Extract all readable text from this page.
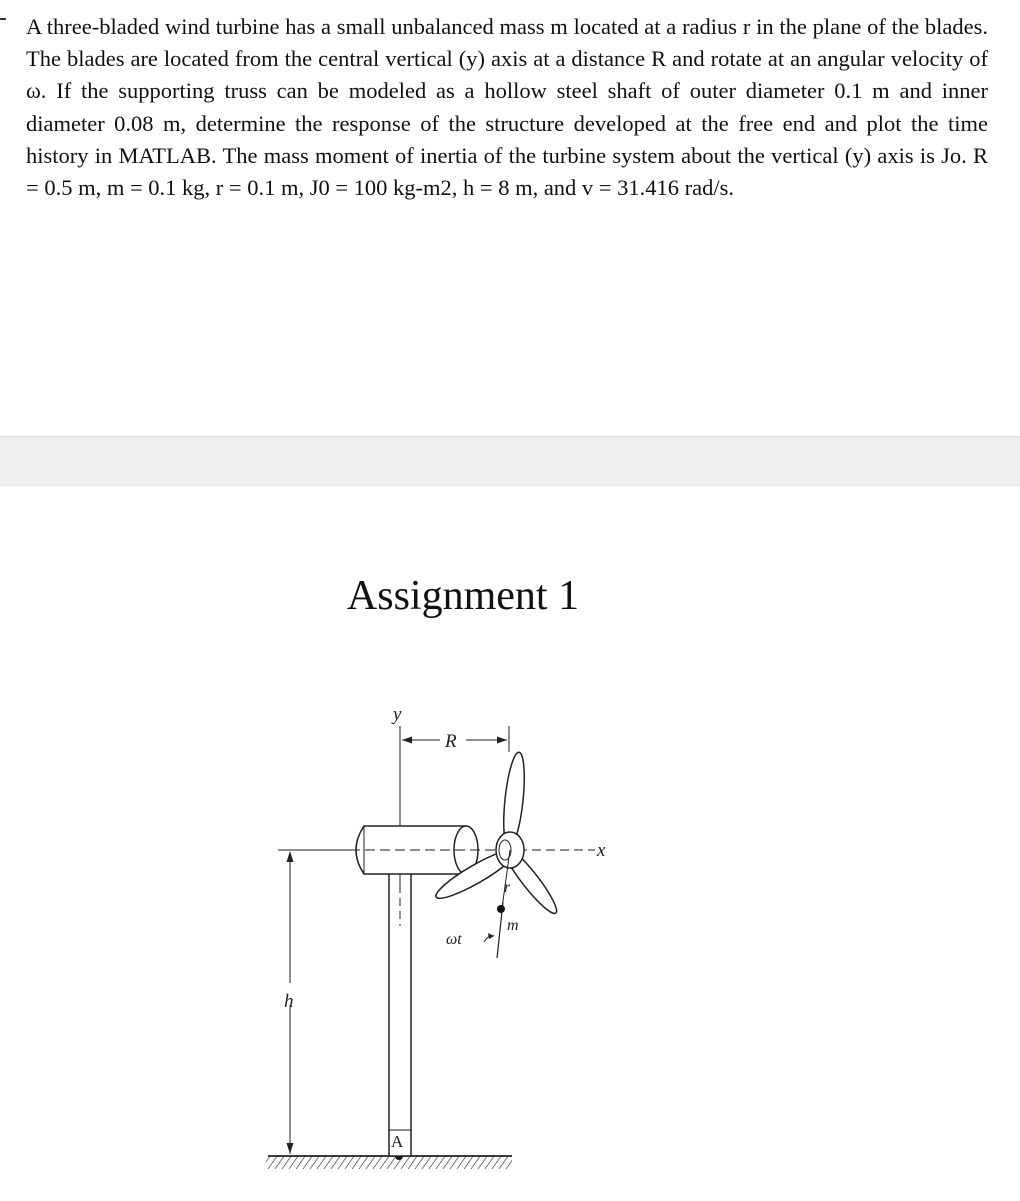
A three-bladed wind turbine has a small unbalanced mass m located at a radius r in the plane of the blades. The blades are located from the central vertical (y) axis at a distance R and rotate at an angular velocity of ω. If the supporting truss can be modeled as a hollow steel shaft of outer diameter 0.1 m and inner diameter 0.08 m, determine the response of the structure developed at the free end and plot the time history in MATLAB. The mass moment of inertia of the turbine system about the vertical (y) axis is Jo. R = 0.5 m, m = 0.1 kg, r = 0.1 m, J0 = 100 kg-m2, h = 8 m, and v = 31.416 rad/s.

Assignment 1
y
R
x
r
m
ωt
h
A
